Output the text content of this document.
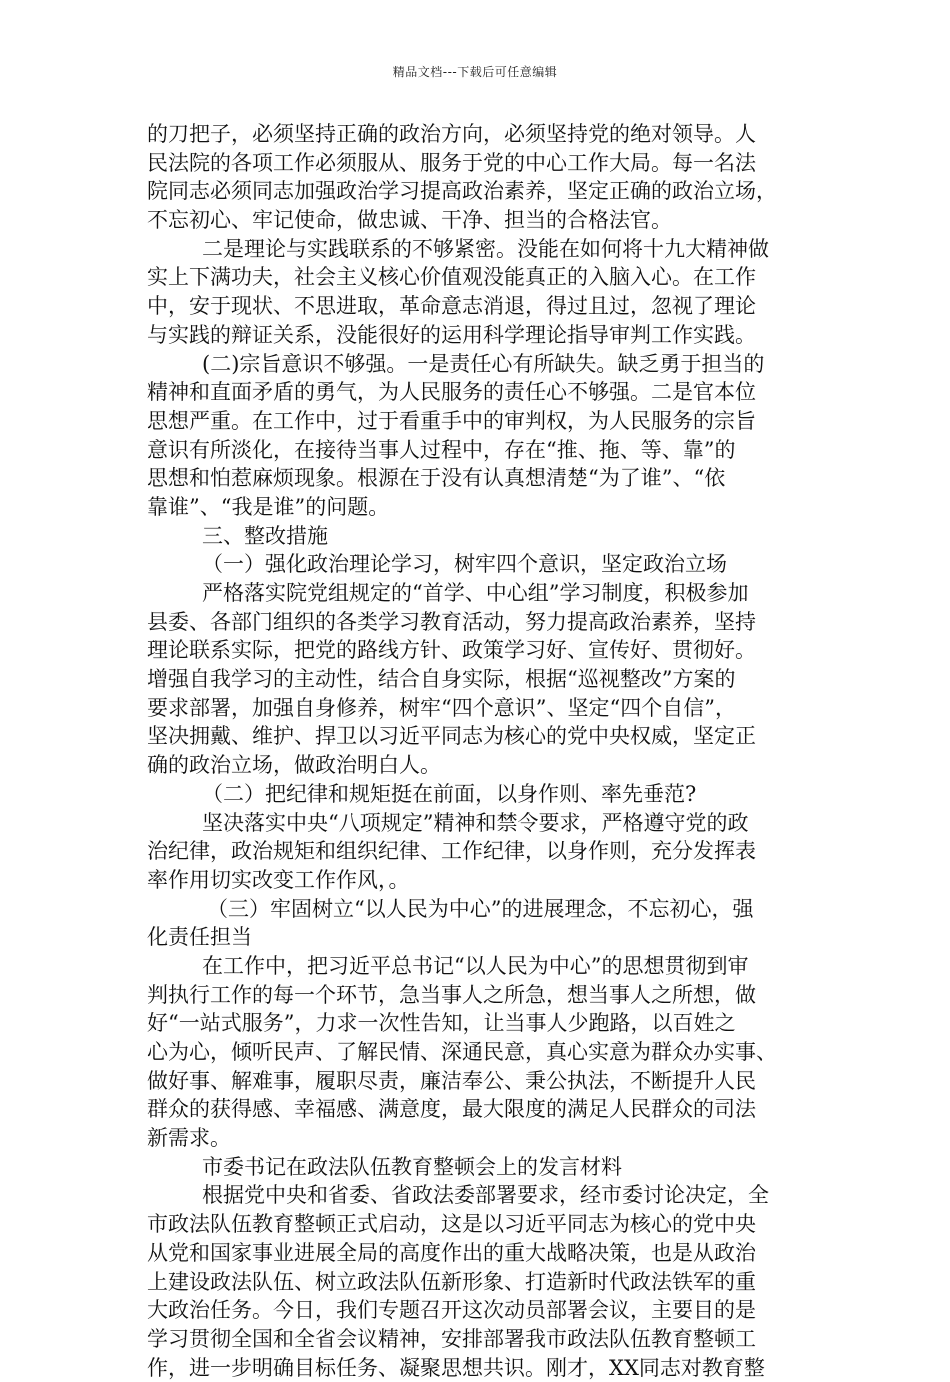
精品文档---下载后可任意编辑
的刀把子，必须坚持正确的政治方向，必须坚持党的绝对领导。人
民法院的各项工作必须服从、服务于党的中心工作大局。每一名法
院同志必须同志加强政治学习提高政治素养，坚定正确的政治立场，
不忘初心、牢记使命，做忠诚、干净、担当的合格法官。
二是理论与实践联系的不够紧密。没能在如何将十九大精神做
实上下满功夫，社会主义核心价值观没能真正的入脑入心。在工作
中，安于现状、不思进取，革命意志消退，得过且过，忽视了理论
与实践的辩证关系，没能很好的运用科学理论指导审判工作实践。
(二)宗旨意识不够强。一是责任心有所缺失。缺乏勇于担当的
精神和直面矛盾的勇气，为人民服务的责任心不够强。二是官本位
思想严重。在工作中，过于看重手中的审判权，为人民服务的宗旨
意识有所淡化，在接待当事人过程中，存在“推、拖、等、靠”的
思想和怕惹麻烦现象。根源在于没有认真想清楚“为了谁”、“依
靠谁”、“我是谁”的问题。
三、整改措施
（一）强化政治理论学习，树牢四个意识，坚定政治立场
严格落实院党组规定的“首学、中心组”学习制度，积极参加
县委、各部门组织的各类学习教育活动，努力提高政治素养，坚持
理论联系实际，把党的路线方针、政策学习好、宣传好、贯彻好。
增强自我学习的主动性，结合自身实际，根据“巡视整改”方案的
要求部署，加强自身修养，树牢“四个意识”、坚定“四个自信”，
坚决拥戴、维护、捍卫以习近平同志为核心的党中央权威，坚定正
确的政治立场，做政治明白人。
（二）把纪律和规矩挺在前面，以身作则、率先垂范?
坚决落实中央“八项规定”精神和禁令要求，严格遵守党的政
治纪律，政治规矩和组织纪律、工作纪律，以身作则，充分发挥表
率作用切实改变工作作风，。
（三）牢固树立“以人民为中心”的进展理念，不忘初心，强
化责任担当
在工作中，把习近平总书记“以人民为中心”的思想贯彻到审
判执行工作的每一个环节，急当事人之所急，想当事人之所想，做
好“一站式服务”，力求一次性告知，让当事人少跑路，以百姓之
心为心，倾听民声、了解民情、深通民意，真心实意为群众办实事、
做好事、解难事，履职尽责，廉洁奉公、秉公执法，不断提升人民
群众的获得感、幸福感、满意度，最大限度的满足人民群众的司法
新需求。
市委书记在政法队伍教育整顿会上的发言材料
根据党中央和省委、省政法委部署要求，经市委讨论决定，全
市政法队伍教育整顿正式启动，这是以习近平同志为核心的党中央
从党和国家事业进展全局的高度作出的重大战略决策，也是从政治
上建设政法队伍、树立政法队伍新形象、打造新时代政法铁军的重
大政治任务。今日，我们专题召开这次动员部署会议，主要目的是
学习贯彻全国和全省会议精神，安排部署我市政法队伍教育整顿工
作，进一步明确目标任务、凝聚思想共识。刚才，XX同志对教育整
